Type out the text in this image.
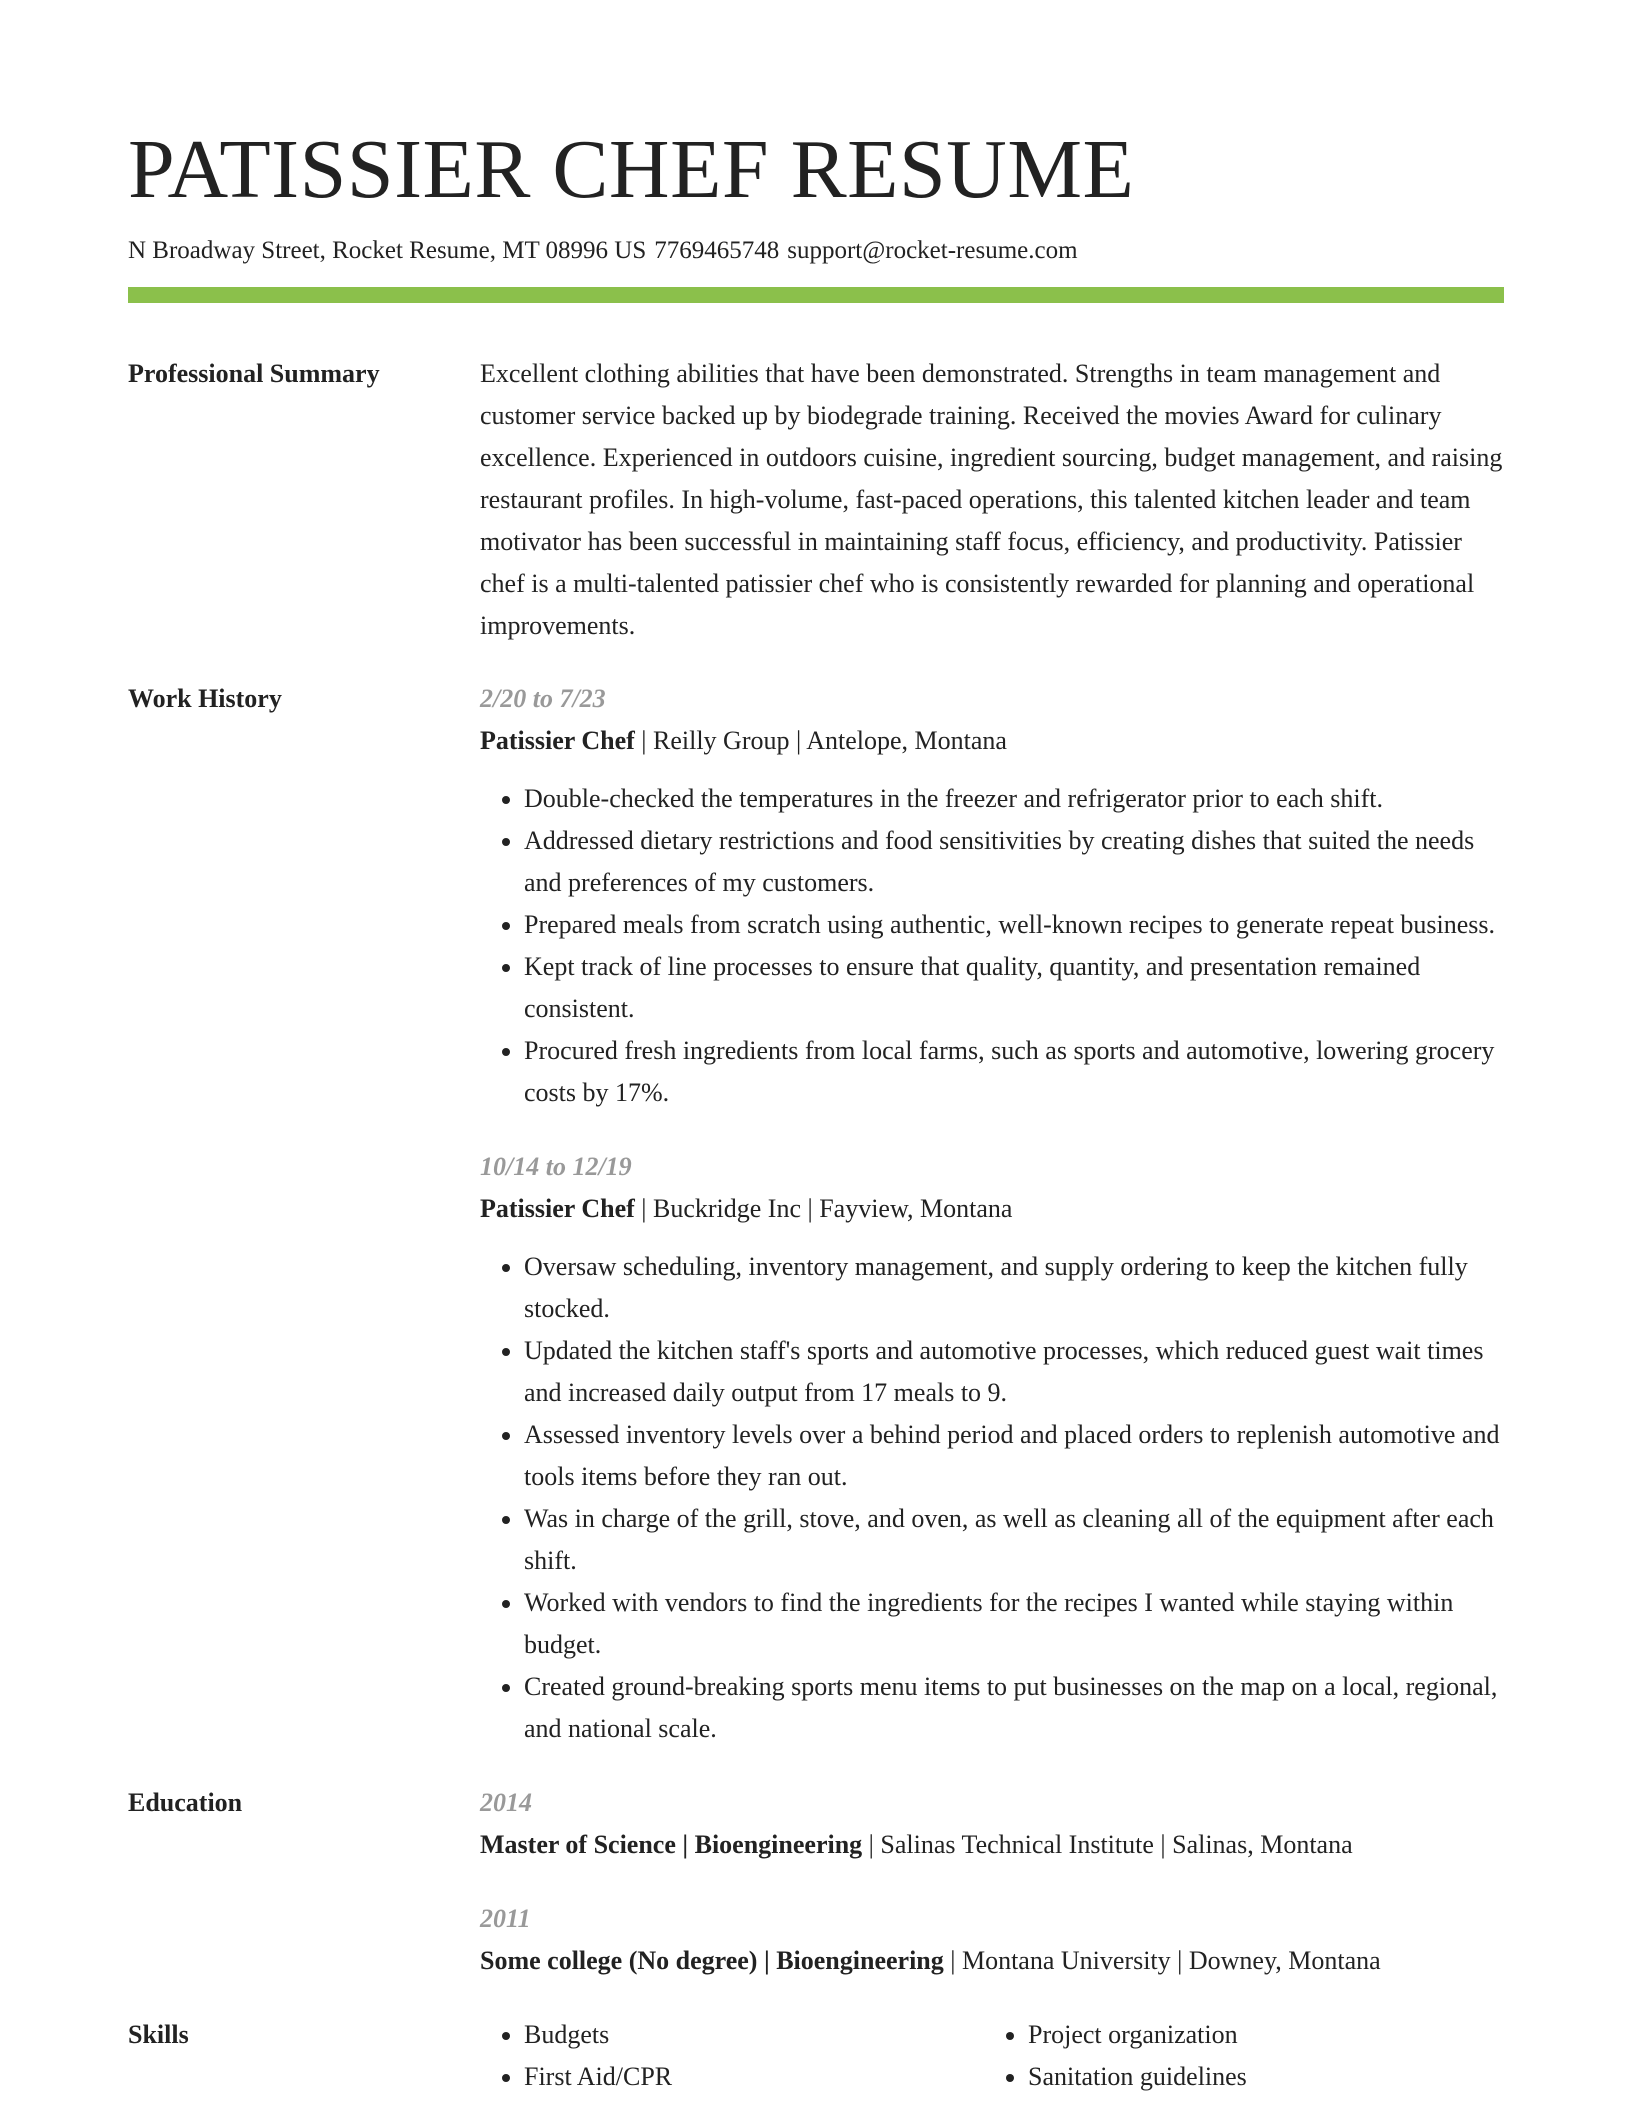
PATISSIER CHEF RESUME
N Broadway Street, Rocket Resume, MT 08996 US 7769465748 support@rocket-resume.com
Professional Summary	Excellent clothing abilities that have been demonstrated. Strengths in team management and customer service backed up by biodegrade training. Received the movies Award for culinary excellence. Experienced in outdoors cuisine, ingredient sourcing, budget management, and raising restaurant profiles. In high-volume, fast-paced operations, this talented kitchen leader and team motivator has been successful in maintaining staff focus, efficiency, and productivity. Patissier chef is a multi-talented patissier chef who is consistently rewarded for planning and operational improvements.

Work History	2/20 to 7/23
Patissier Chef | Reilly Group | Antelope, Montana
• Double-checked the temperatures in the freezer and refrigerator prior to each shift.
• Addressed dietary restrictions and food sensitivities by creating dishes that suited the needs and preferences of my customers.
• Prepared meals from scratch using authentic, well-known recipes to generate repeat business.
• Kept track of line processes to ensure that quality, quantity, and presentation remained consistent.
• Procured fresh ingredients from local farms, such as sports and automotive, lowering grocery costs by 17%.
10/14 to 12/19
Patissier Chef | Buckridge Inc | Fayview, Montana
• Oversaw scheduling, inventory management, and supply ordering to keep the kitchen fully stocked.
• Updated the kitchen staff's sports and automotive processes, which reduced guest wait times and increased daily output from 17 meals to 9.
• Assessed inventory levels over a behind period and placed orders to replenish automotive and tools items before they ran out.
• Was in charge of the grill, stove, and oven, as well as cleaning all of the equipment after each shift.
• Worked with vendors to find the ingredients for the recipes I wanted while staying within budget.
• Created ground-breaking sports menu items to put businesses on the map on a local, regional, and national scale.
Education	2014
Master of Science | Bioengineering | Salinas Technical Institute | Salinas, Montana
2011
Some college (No degree) | Bioengineering | Montana University | Downey, Montana
Skills
•	Budgets
• First Aid/CPR
• Project organization
• Sanitation guidelines
